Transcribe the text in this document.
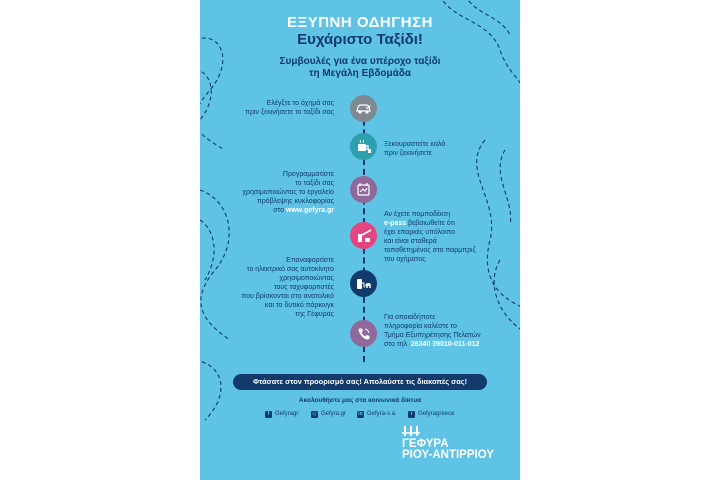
ΕΞΥΠΝΗ ΟΔΗΓΗΣΗ
Ευχάριστο Ταξίδι!
Συμβουλές για ένα υπέροχο ταξίδι
τη Μεγάλη Εβδομάδα
Ελέγξτε το όχημά σας
πριν ξεκινήσετε το ταξίδι σας
Ξεκουραστείτε καλά
πριν ξεκινήσετε
Προγραμματίστε
το ταξίδι σας
χρησιμοποιώντας το εργαλείο
πρόβλεψης κυκλοφορίας
στο www.gefyra.gr
Αν έχετε πομποδέκτη
e-pass βεβαιωθείτε ότι
έχει επαρκές υπόλοιπο
και είναι σταθερά
τοποθετημένος στο παρμπριζ
του οχήματος
Επαναφορτίστε
το ηλεκτρικό σας αυτοκίνητο
χρησιμοποιώντας
τους ταχυφορτιστές
που βρίσκονται στο ανατολικό
και το δυτικό πάρκινγκ
της Γέφυρας	Για οποιαδήποτε
πληροφορία καλέστε το
Τμήμα Εξυπηρέτησης Πελατών
στο τηλ. 26340 39010-011-012
Φτάσατε στον προορισμό σας! Απολαύστε τις διακοπές σας!
Ακολουθήστε μας στα κοινωνικά δίκτυα
f Gefyragr	◎ Gefyra.gr in Gefyra-s.a.	t Gefyragreece
ΓΕΦΥΡΑ
ΡΙΟΥ-ΑΝΤΙΡΡΙΟΥ
